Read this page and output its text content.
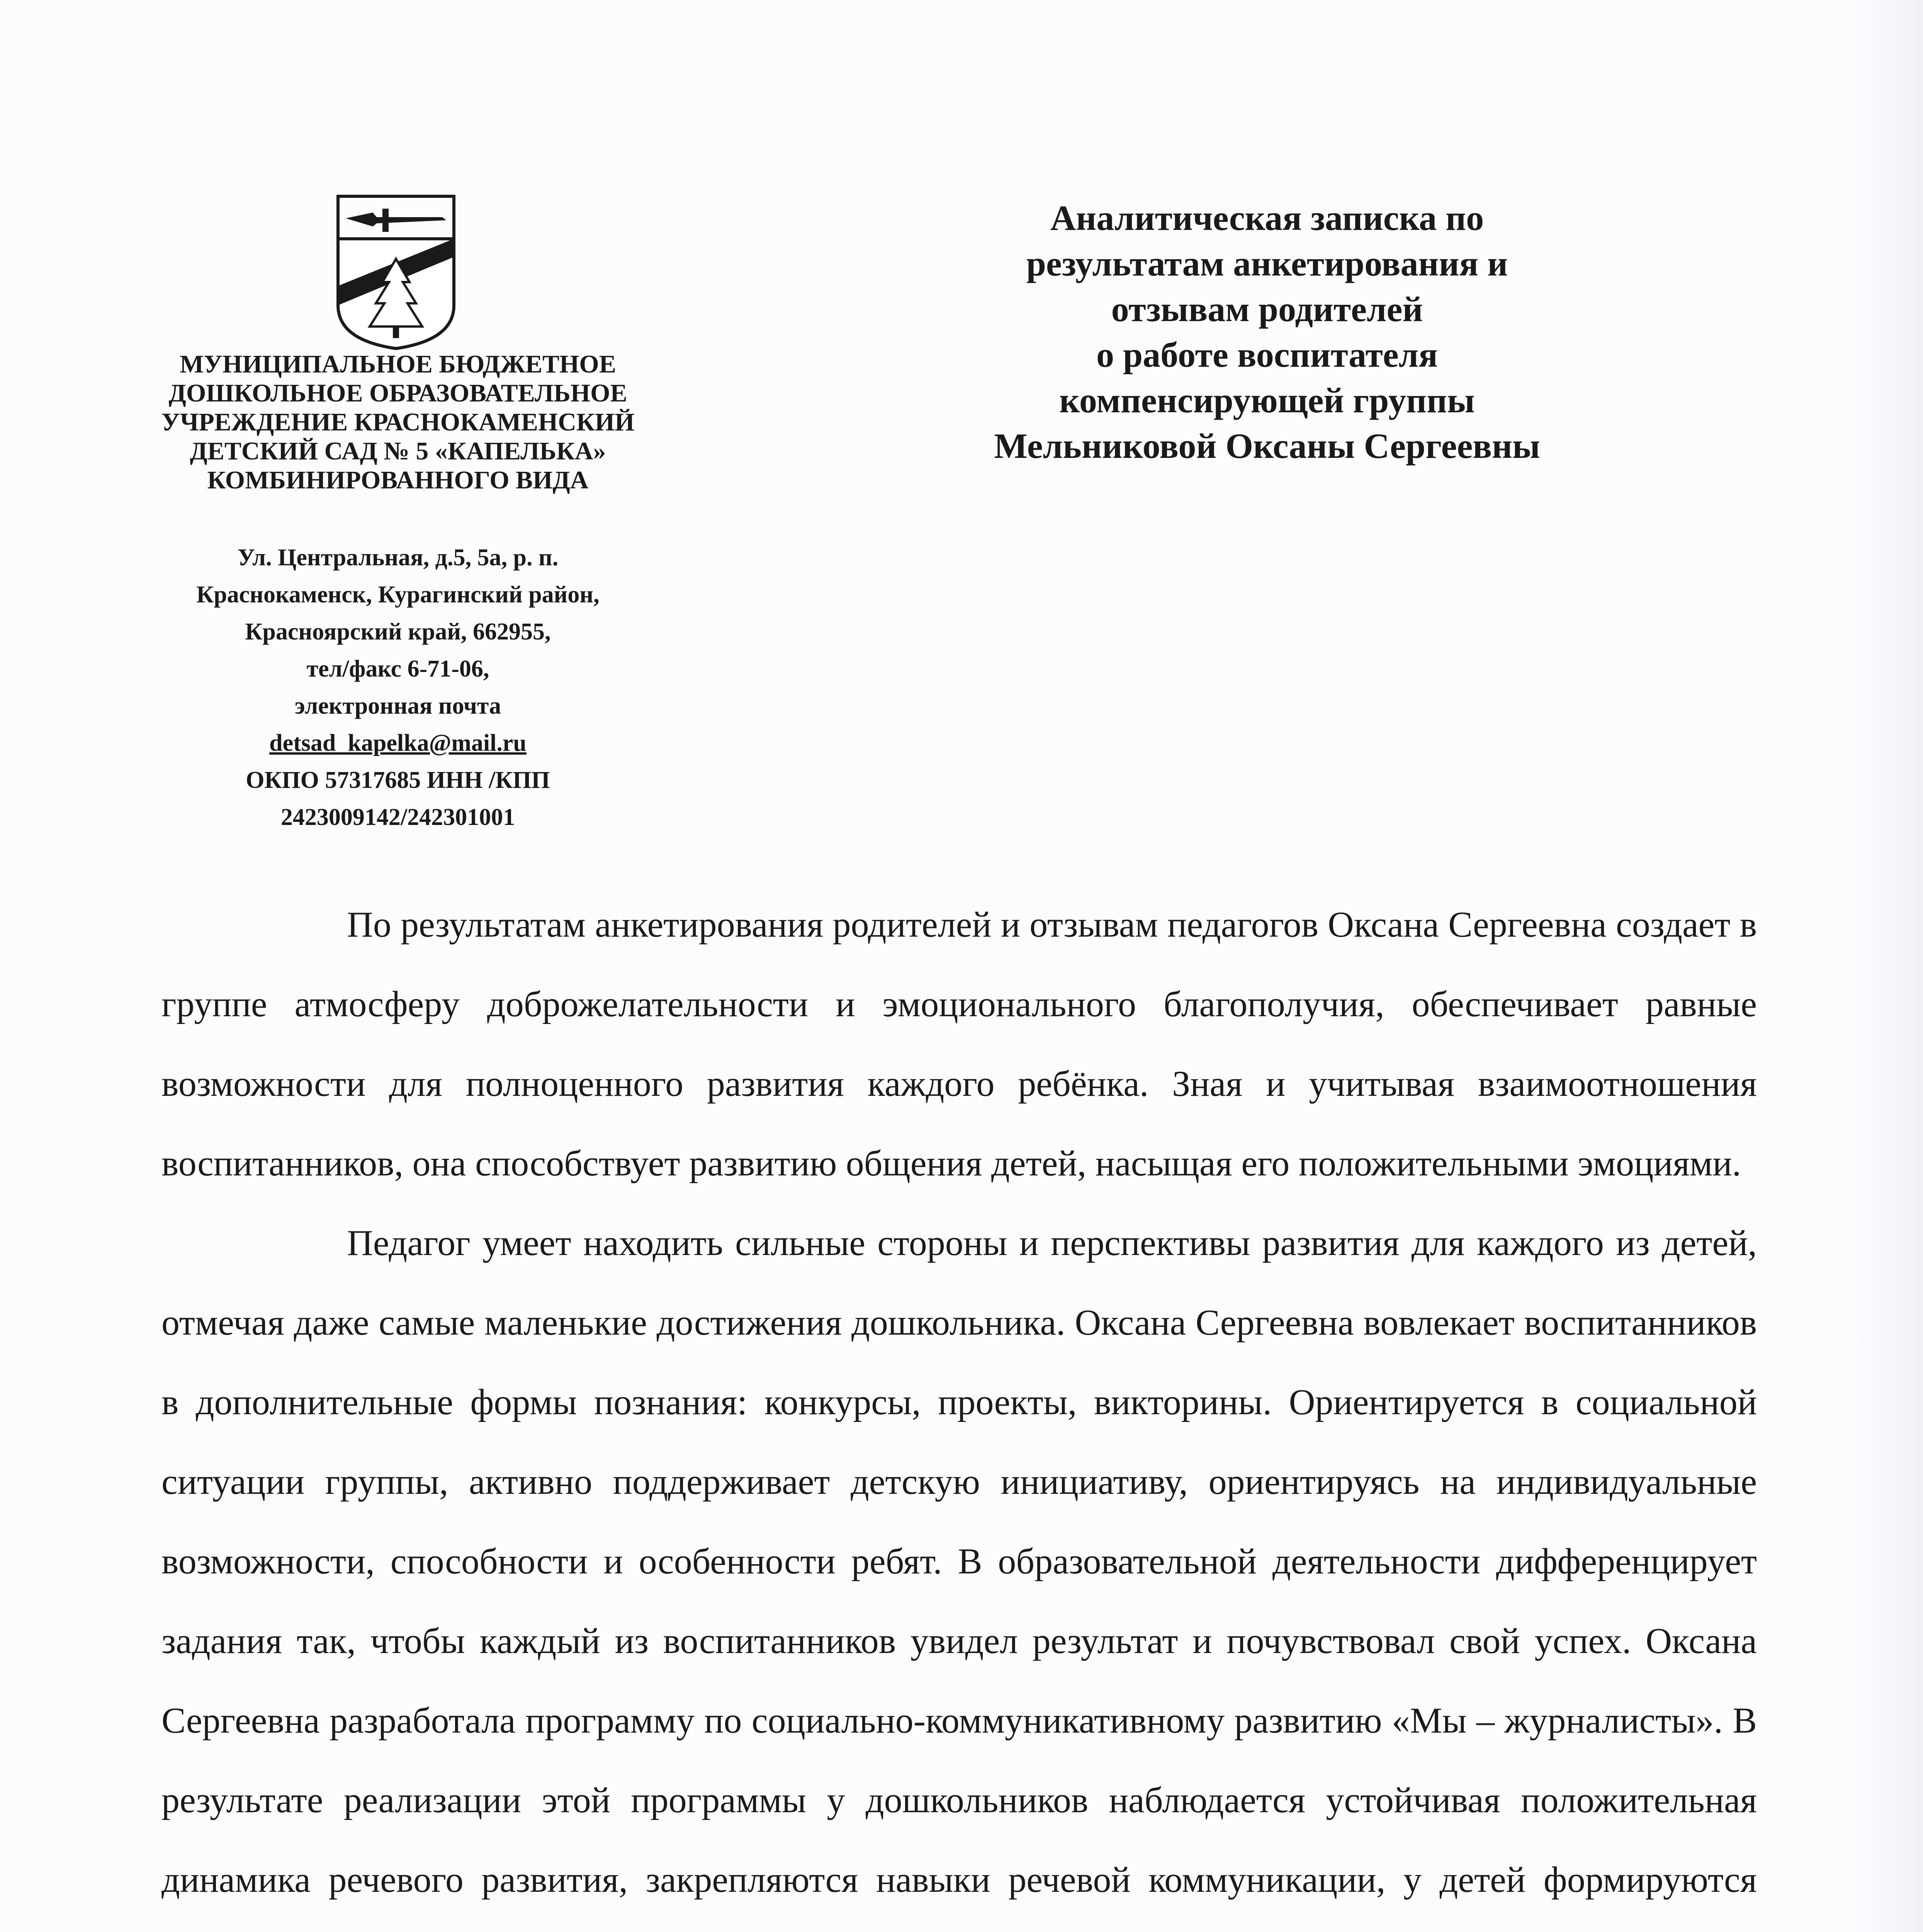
МУНИЦИПАЛЬНОЕ БЮДЖЕТНОЕ
ДОШКОЛЬНОЕ ОБРАЗОВАТЕЛЬНОЕ
УЧРЕЖДЕНИЕ КРАСНОКАМЕНСКИЙ
ДЕТСКИЙ САД № 5 «КАПЕЛЬКА»
КОМБИНИРОВАННОГО ВИДА
Ул. Центральная, д.5, 5а, р. п.
Краснокаменск, Курагинский район,
Красноярский край, 662955,
тел/факс 6-71-06,
электронная почта
detsad_kapelka@mail.ru
ОКПО 57317685 ИНН /КПП
2423009142/242301001
Аналитическая записка по
результатам анкетирования и
отзывам родителей
о работе воспитателя
компенсирующей группы
Мельниковой Оксаны Сергеевны

По результатам анкетирования родителей и отзывам педагогов Оксана Сергеевна создает в группе атмосферу доброжелательности и эмоционального благополучия, обеспечивает равные возможности для полноценного развития каждого ребёнка. Зная и учитывая взаимоотношения воспитанников, она способствует развитию общения детей, насыщая его положительными эмоциями.

Педагог умеет находить сильные стороны и перспективы развития для каждого из детей, отмечая даже самые маленькие достижения дошкольника. Оксана Сергеевна вовлекает воспитанников в дополнительные формы познания: конкурсы, проекты, викторины. Ориентируется в социальной ситуации группы, активно поддерживает детскую инициативу, ориентируясь на индивидуальные возможности, способности и особенности ребят. В образовательной деятельности дифференцирует задания так, чтобы каждый из воспитанников увидел результат и почувствовал свой успех. Оксана Сергеевна разработала программу по социально-коммуникативному развитию «Мы – журналисты». В результате реализации этой программы у дошкольников наблюдается устойчивая положительная динамика речевого развития, закрепляются навыки речевой коммуникации, у детей формируются
